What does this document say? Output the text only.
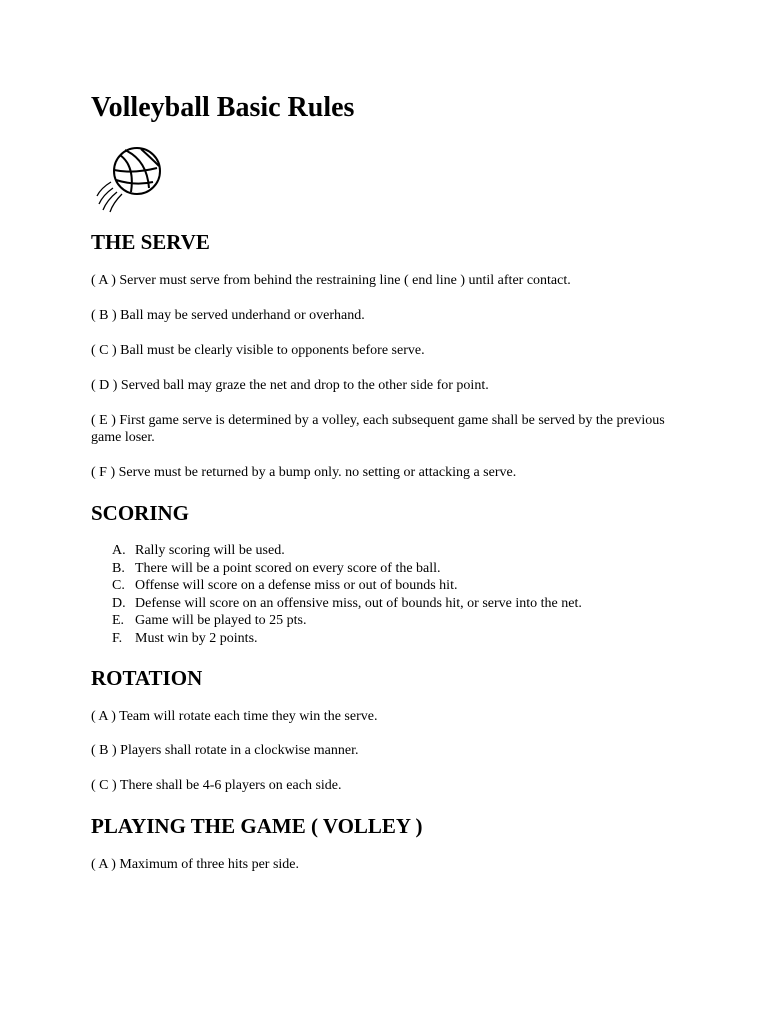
Volleyball Basic Rules
THE SERVE

( A ) Server must serve from behind the restraining line ( end line ) until after contact.

( B ) Ball may be served underhand or overhand.

( C ) Ball must be clearly visible to opponents before serve.

( D ) Served ball may graze the net and drop to the other side for point.

( E ) First game serve is determined by a volley, each subsequent game shall be served by the previous game loser.

( F ) Serve must be returned by a bump only. no setting or attacking a serve.

SCORING
A. Rally scoring will be used.
B. There will be a point scored on every score of the ball.
C. Offense will score on a defense miss or out of bounds hit.
D. Defense will score on an offensive miss, out of bounds hit, or serve into the net.
E. Game will be played to 25 pts.
F. Must win by 2 points.
ROTATION

( A ) Team will rotate each time they win the serve.

( B ) Players shall rotate in a clockwise manner.

( C ) There shall be 4-6 players on each side.

PLAYING THE GAME ( VOLLEY )

( A ) Maximum of three hits per side.
